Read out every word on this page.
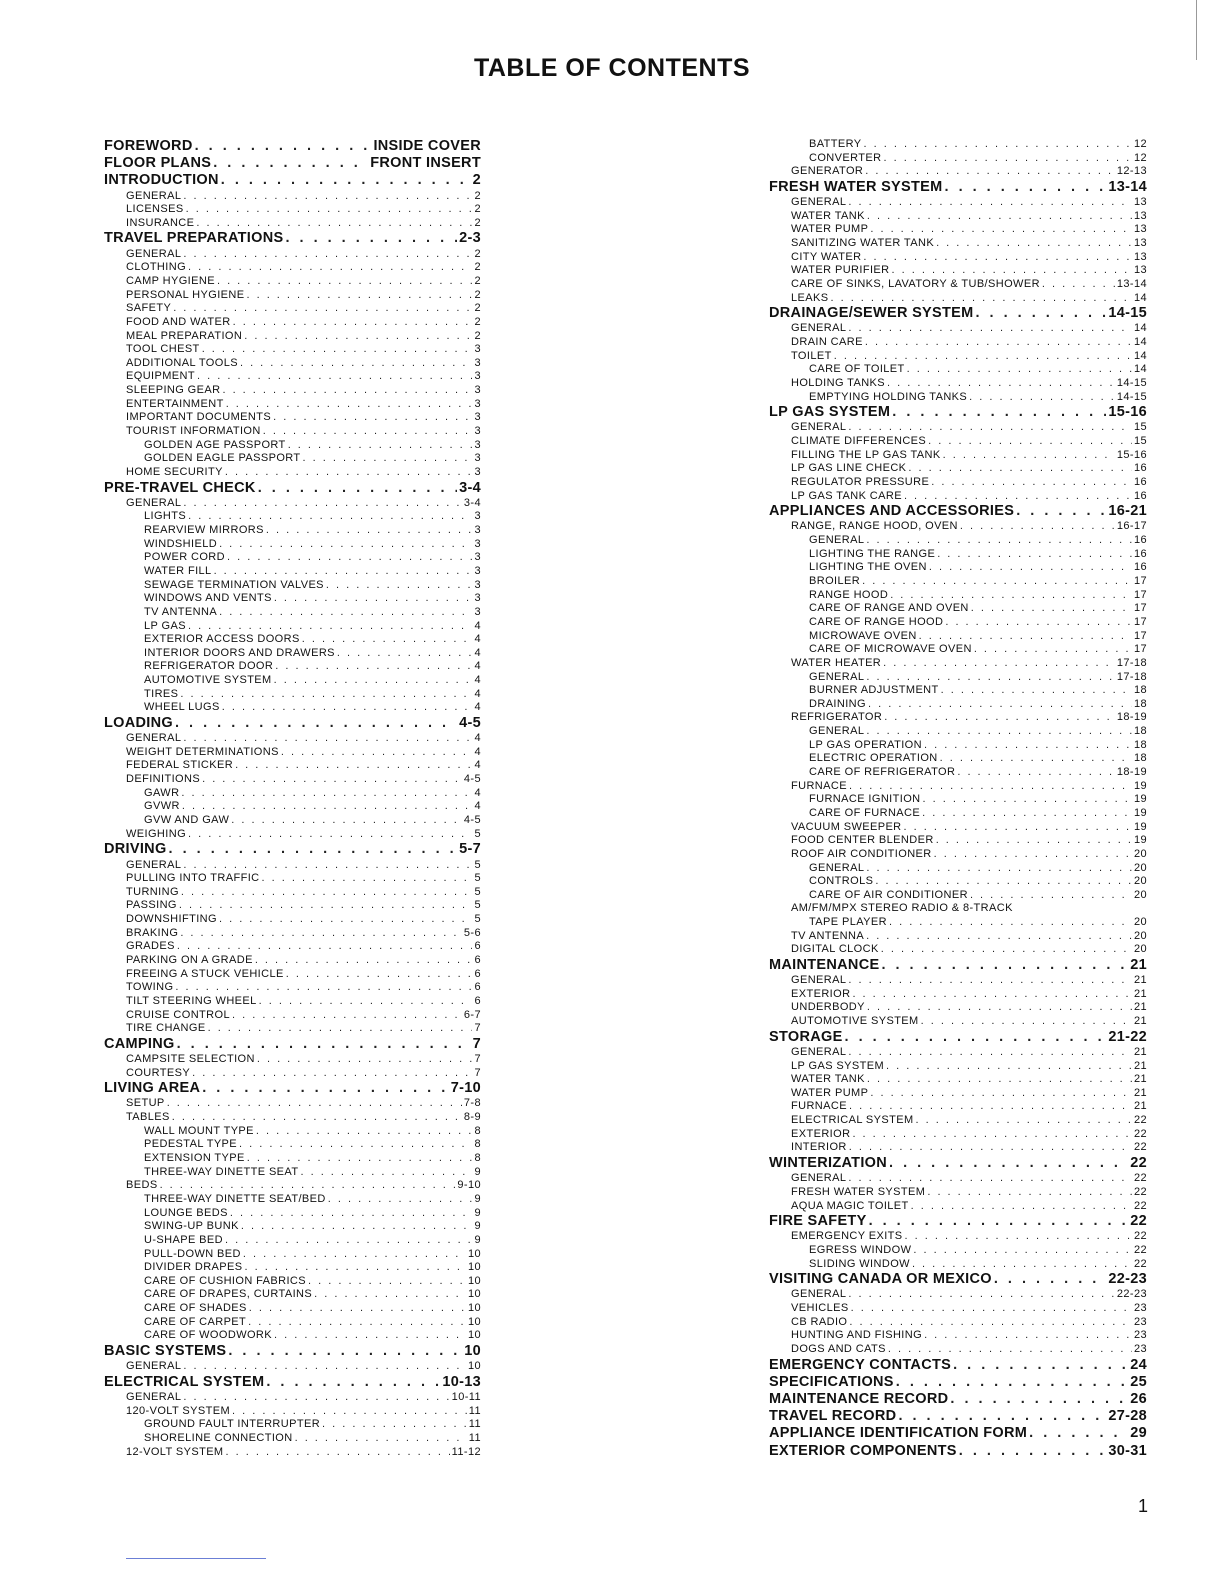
TABLE OF CONTENTS
FOREWORD . . .	INSIDE COVER
FLOOR PLANS . . .	FRONT INSERT
INTRODUCTION . . .	2
GENERAL . . .	2
LICENSES . . .	2
INSURANCE . . .	2
TRAVEL PREPARATIONS . . .	2-3
GENERAL . . .	2
CLOTHING . . .	2
CAMP HYGIENE . . .	2
PERSONAL HYGIENE . . .	2
SAFETY . . .	2
FOOD AND WATER . . .	2
MEAL PREPARATION . . .	2
TOOL CHEST . . .	3
ADDITIONAL TOOLS . . .	3
EQUIPMENT . . .	3
SLEEPING GEAR . . .	3
ENTERTAINMENT . . .	3
IMPORTANT DOCUMENTS . . .	3
TOURIST INFORMATION . . .	3
GOLDEN AGE PASSPORT . . .	3
GOLDEN EAGLE PASSPORT . . .	3
HOME SECURITY . . .	3
PRE-TRAVEL CHECK . . .	3-4
GENERAL . . .	3-4
LIGHTS . . .	3
REARVIEW MIRRORS . . .	3
WINDSHIELD . . .	3
POWER CORD . . .	3
WATER FILL . . .	3
SEWAGE TERMINATION VALVES . . .	3
WINDOWS AND VENTS . . .	3
TV ANTENNA . . .	3
LP GAS . . .	4
EXTERIOR ACCESS DOORS . . .	4
INTERIOR DOORS AND DRAWERS . . .	4
REFRIGERATOR DOOR . . .	4
AUTOMOTIVE SYSTEM . . .	4
TIRES . . .	4
WHEEL LUGS . . .	4
LOADING . . .	4-5
GENERAL . . .	4
WEIGHT DETERMINATIONS . . .	4
FEDERAL STICKER . . .	4
DEFINITIONS . . .	4-5
GAWR . . .	4
GVWR . . .	4
GVW AND GAW . . .	4-5
WEIGHING . . .	5
DRIVING . . .	5-7
GENERAL . . .	5
PULLING INTO TRAFFIC . . .	5
TURNING . . .	5
PASSING . . .	5
DOWNSHIFTING . . .	5
BRAKING . . .	5-6
GRADES . . .	6
PARKING ON A GRADE . . .	6
FREEING A STUCK VEHICLE . . .	6
TOWING . . .	6
TILT STEERING WHEEL . . .	6
CRUISE CONTROL . . .	6-7
TIRE CHANGE . . .	7
CAMPING . . .	7
CAMPSITE SELECTION . . .	7
COURTESY . . .	7
LIVING AREA . . .	7-10
SETUP . . .	7-8
TABLES . . .	8-9
WALL MOUNT TYPE . . .	8
PEDESTAL TYPE . . .	8
EXTENSION TYPE . . .	8
THREE-WAY DINETTE SEAT . . .	9
BEDS . . .	9-10
THREE-WAY DINETTE SEAT/BED . . .	9
LOUNGE BEDS . . .	9
SWING-UP BUNK . . .	9
U-SHAPE BED . . .	9
PULL-DOWN BED . . .	10
DIVIDER DRAPES . . .	10
CARE OF CUSHION FABRICS . . .	10
CARE OF DRAPES, CURTAINS . . .	10
CARE OF SHADES . . .	10
CARE OF CARPET . . .	10
CARE OF WOODWORK . . .	10
BASIC SYSTEMS . . .	10
GENERAL . . .	10
ELECTRICAL SYSTEM . . .	10-13
GENERAL . . .	10-11
120-VOLT SYSTEM . . .	11
GROUND FAULT INTERRUPTER . . .	11
SHORELINE CONNECTION . . .	11
12-VOLT SYSTEM . . .	11-12
BATTERY . . .	12
CONVERTER . . .	12
GENERATOR . . .	12-13
FRESH WATER SYSTEM . . .	13-14
GENERAL . . .	13
WATER TANK . . .	13
WATER PUMP . . .	13
SANITIZING WATER TANK . . .	13
CITY WATER . . .	13
WATER PURIFIER . . .	13
CARE OF SINKS, LAVATORY & TUB/SHOWER . . .	13-14
LEAKS . . .	14
DRAINAGE/SEWER SYSTEM . . .	14-15
GENERAL . . .	14
DRAIN CARE . . .	14
TOILET . . .	14
CARE OF TOILET . . .	14
HOLDING TANKS . . .	14-15
EMPTYING HOLDING TANKS . . .	14-15
LP GAS SYSTEM . . .	15-16
GENERAL . . .	15
CLIMATE DIFFERENCES . . .	15
FILLING THE LP GAS TANK . . .	15-16
LP GAS LINE CHECK . . .	16
REGULATOR PRESSURE . . .	16
LP GAS TANK CARE . . .	16
APPLIANCES AND ACCESSORIES . . .	16-21
RANGE, RANGE HOOD, OVEN . . .	16-17
GENERAL . . .	16
LIGHTING THE RANGE . . .	16
LIGHTING THE OVEN . . .	16
BROILER . . .	17
RANGE HOOD . . .	17
CARE OF RANGE AND OVEN . . .	17
CARE OF RANGE HOOD . . .	17
MICROWAVE OVEN . . .	17
CARE OF MICROWAVE OVEN . . .	17
WATER HEATER . . .	17-18
GENERAL . . .	17-18
BURNER ADJUSTMENT . . .	18
DRAINING . . .	18
REFRIGERATOR . . .	18-19
GENERAL . . .	18
LP GAS OPERATION . . .	18
ELECTRIC OPERATION . . .	18
CARE OF REFRIGERATOR . . .	18-19
FURNACE . . .	19
FURNACE IGNITION . . .	19
CARE OF FURNACE . . .	19
VACUUM SWEEPER . . .	19
FOOD CENTER BLENDER . . .	19
ROOF AIR CONDITIONER . . .	20
GENERAL . . .	20
CONTROLS . . .	20
CARE OF AIR CONDITIONER . . .	20
AM/FM/MPX STEREO RADIO & 8-TRACK
TAPE PLAYER . . .	20
TV ANTENNA . . .	20
DIGITAL CLOCK . . .	20
MAINTENANCE . . .	21
GENERAL . . .	21
EXTERIOR . . .	21
UNDERBODY . . .	21
AUTOMOTIVE SYSTEM . . .	21
STORAGE . . .	21-22
GENERAL . . .	21
LP GAS SYSTEM . . .	21
WATER TANK . . .	21
WATER PUMP . . .	21
FURNACE . . .	21
ELECTRICAL SYSTEM . . .	22
EXTERIOR . . .	22
INTERIOR . . .	22
WINTERIZATION . . .	22
GENERAL . . .	22
FRESH WATER SYSTEM . . .	22
AQUA MAGIC TOILET . . .	22
FIRE SAFETY . . .	22
EMERGENCY EXITS . . .	22
EGRESS WINDOW . . .	22
SLIDING WINDOW . . .	22
VISITING CANADA OR MEXICO . . .	22-23
GENERAL . . .	22-23
VEHICLES . . .	23
CB RADIO . . .	23
HUNTING AND FISHING . . .	23
DOGS AND CATS . . .	23
EMERGENCY CONTACTS . . .	24
SPECIFICATIONS . . .	25
MAINTENANCE RECORD . . .	26
TRAVEL RECORD . . .	27-28
APPLIANCE IDENTIFICATION FORM . . .	29
EXTERIOR COMPONENTS . . .	30-31

1
